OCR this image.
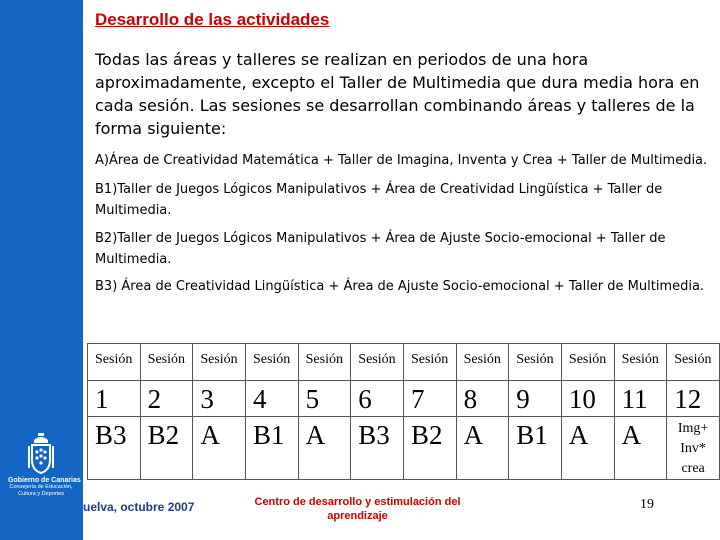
Gobierno de Canarias
Consejería de Educación, Cultura y Deportes
Desarrollo de las actividades
Todas las áreas y talleres se realizan en periodos de una hora aproximadamente, excepto el Taller de Multimedia que dura media hora en cada sesión. Las sesiones se desarrollan combinando áreas y talleres de la forma siguiente:
A)Área de Creatividad Matemática + Taller de Imagina, Inventa y Crea + Taller de Multimedia.
B1)Taller de Juegos Lógicos Manipulativos + Área de Creatividad Lingüística + Taller de Multimedia.
B2)Taller de Juegos Lógicos Manipulativos + Área de Ajuste Socio-emocional + Taller de Multimedia.
B3) Área de Creatividad Lingüística + Área de Ajuste Socio-emocional + Taller de Multimedia.
Sesión	Sesión	Sesión	Sesión	Sesión	Sesión	Sesión	Sesión	Sesión	Sesión	Sesión	Sesión
1	2	3	4	5	6	7	8	9	10	11	12
B3	B2	A	B1	A	B3	B2	A	B1	A	A	Img+ Inv* crea
uelva, octubre 2007	Centro de desarrollo y estimulación del aprendizaje
19
